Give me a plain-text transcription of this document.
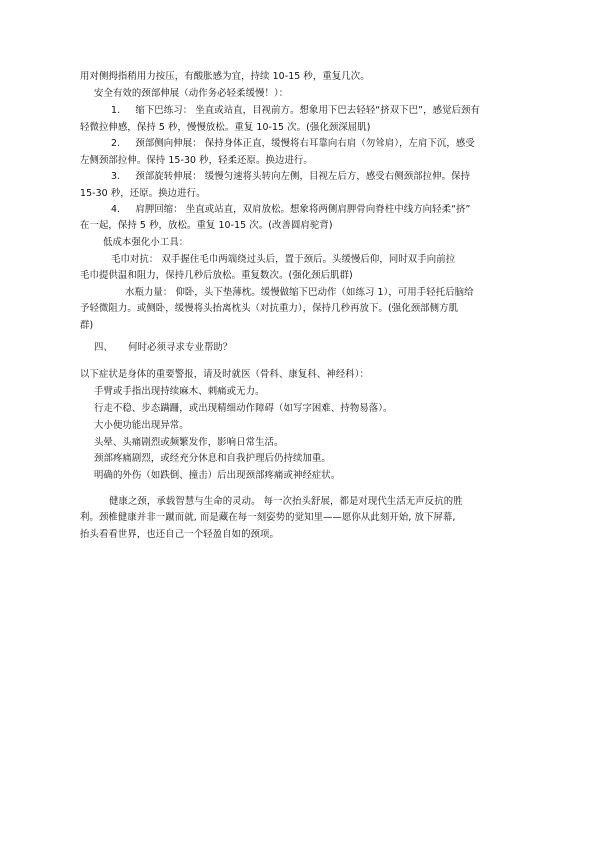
用对侧拇指稍用力按压，有酸胀感为宜，持续 10-15 秒，重复几次。
安全有效的颈部伸展（动作务必轻柔缓慢！）：
1. 缩下巴练习： 坐直或站直，目视前方。想象用下巴去轻轻“挤双下巴”，感觉后颈有
轻微拉伸感，保持 5 秒，慢慢放松。重复 10-15 次。(强化颈深屈肌)
2. 颈部侧向伸展： 保持身体正直，缓慢将右耳靠向右肩（勿耸肩），左肩下沉，感受
左侧颈部拉伸。保持 15-30 秒，轻柔还原。换边进行。
3. 颈部旋转伸展： 缓慢匀速将头转向左侧，目视左后方，感受右侧颈部拉伸。保持
15-30 秒，还原。换边进行。
4. 肩胛回缩： 坐直或站直，双肩放松。想象将两侧肩胛骨向脊柱中线方向轻柔“挤”
在一起，保持 5 秒，放松。重复 10-15 次。(改善圆肩驼背)
低成本强化小工具：
毛巾对抗： 双手握住毛巾两端绕过头后，置于颈后。头缓慢后仰，同时双手向前拉
毛巾提供温和阻力，保持几秒后放松。重复数次。(强化颈后肌群)
水瓶力量： 仰卧，头下垫薄枕。缓慢做缩下巴动作（如练习 1），可用手轻托后脑给
予轻微阻力。或侧卧，缓慢将头抬离枕头（对抗重力），保持几秒再放下。(强化颈部侧方肌
群)
四、 何时必须寻求专业帮助？
以下症状是身体的重要警报，请及时就医（骨科、康复科、神经科）：
手臂或手指出现持续麻木、刺痛或无力。
行走不稳、步态蹒跚，或出现精细动作障碍（如写字困难、持物易落）。
大小便功能出现异常。
头晕、头痛剧烈或频繁发作，影响日常生活。
颈部疼痛剧烈，或经充分休息和自我护理后仍持续加重。
明确的外伤（如跌倒、撞击）后出现颈部疼痛或神经症状。
健康之颈，承载智慧与生命的灵动。 每一次抬头舒展，都是对现代生活无声反抗的胜
利。颈椎健康并非一蹴而就, 而是藏在每一刻姿势的觉知里——愿你从此刻开始, 放下屏幕,
抬头看看世界，也还自己一个轻盈自如的颈项。
